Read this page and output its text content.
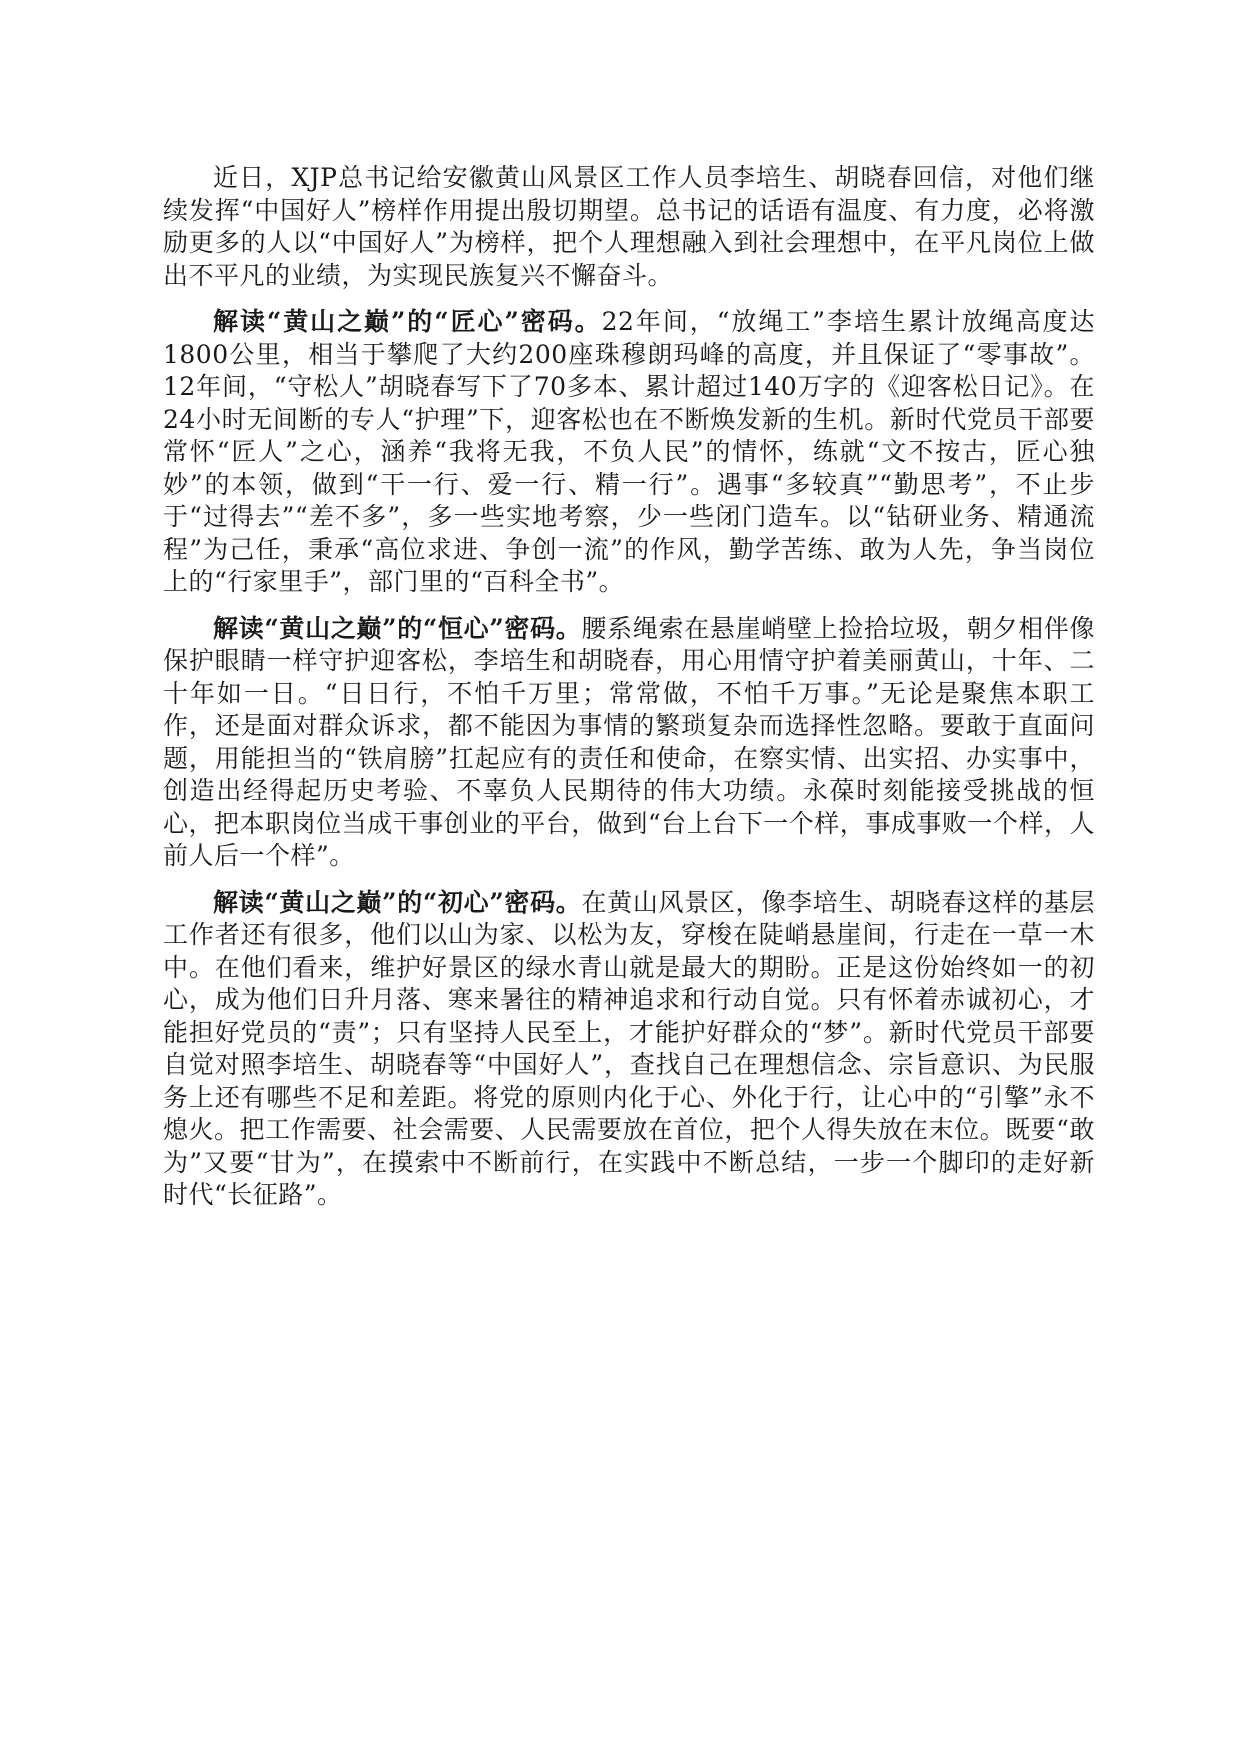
近日，XJP总书记给安徽黄山风景区工作人员李培生、胡晓春回信，对他们继续发挥“中国好人”榜样作用提出殷切期望。总书记的话语有温度、有力度，必将激励更多的人以“中国好人”为榜样，把个人理想融入到社会理想中，在平凡岗位上做出不平凡的业绩，为实现民族复兴不懈奋斗。

解读“黄山之巅”的“匠心”密码。22年间，“放绳工”李培生累计放绳高度达1800公里，相当于攀爬了大约200座珠穆朗玛峰的高度，并且保证了“零事故”。12年间，“守松人”胡晓春写下了70多本、累计超过140万字的《迎客松日记》。在24小时无间断的专人“护理”下，迎客松也在不断焕发新的生机。新时代党员干部要常怀“匠人”之心，涵养“我将无我，不负人民”的情怀，练就“文不按古，匠心独妙”的本领，做到“干一行、爱一行、精一行”。遇事“多较真”“勤思考”，不止步于“过得去”“差不多”，多一些实地考察，少一些闭门造车。以“钻研业务、精通流程”为己任，秉承“高位求进、争创一流”的作风，勤学苦练、敢为人先，争当岗位上的“行家里手”，部门里的“百科全书”。

解读“黄山之巅”的“恒心”密码。腰系绳索在悬崖峭壁上捡拾垃圾，朝夕相伴像保护眼睛一样守护迎客松，李培生和胡晓春，用心用情守护着美丽黄山，十年、二十年如一日。“日日行，不怕千万里；常常做，不怕千万事。”无论是聚焦本职工作，还是面对群众诉求，都不能因为事情的繁琐复杂而选择性忽略。要敢于直面问题，用能担当的“铁肩膀”扛起应有的责任和使命，在察实情、出实招、办实事中，创造出经得起历史考验、不辜负人民期待的伟大功绩。永葆时刻能接受挑战的恒心，把本职岗位当成干事创业的平台，做到“台上台下一个样，事成事败一个样，人前人后一个样”。

解读“黄山之巅”的“初心”密码。在黄山风景区，像李培生、胡晓春这样的基层工作者还有很多，他们以山为家、以松为友，穿梭在陡峭悬崖间，行走在一草一木中。在他们看来，维护好景区的绿水青山就是最大的期盼。正是这份始终如一的初心，成为他们日升月落、寒来暑往的精神追求和行动自觉。只有怀着赤诚初心，才能担好党员的“责”；只有坚持人民至上，才能护好群众的“梦”。新时代党员干部要自觉对照李培生、胡晓春等“中国好人”，查找自己在理想信念、宗旨意识、为民服务上还有哪些不足和差距。将党的原则内化于心、外化于行，让心中的“引擎”永不熄火。把工作需要、社会需要、人民需要放在首位，把个人得失放在末位。既要“敢为”又要“甘为”，在摸索中不断前行，在实践中不断总结，一步一个脚印的走好新时代“长征路”。
